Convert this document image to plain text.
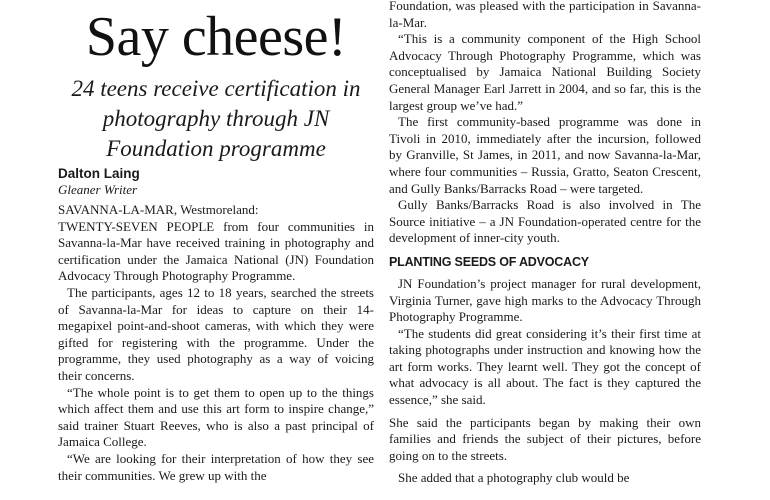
Say cheese!
24 teens receive certification in photography through JN Foundation programme
Dalton Laing
Gleaner Writer
SAVANNA-LA-MAR, Westmoreland:
TWENTY-SEVEN PEOPLE from four communities in Savanna-la-Mar have received training in photography and certification under the Jamaica National (JN) Foundation Advocacy Through Photography Programme.
The participants, ages 12 to 18 years, searched the streets of Savanna-la-Mar for ideas to capture on their 14-megapixel point-and-shoot cameras, with which they were gifted for registering with the programme. Under the programme, they used photography as a way of voicing their concerns.
“The whole point is to get them to open up to the things which affect them and use this art form to inspire change,” said trainer Stuart Reeves, who is also a past principal of Jamaica College.
“We are looking for their interpretation of how they see their communities. We grew up with the
Foundation, was pleased with the participation in Savanna-la-Mar.
“This is a community component of the High School Advocacy Through Photography Programme, which was conceptualised by Jamaica National Building Society General Manager Earl Jarrett in 2004, and so far, this is the largest group we’ve had.”
The first community-based programme was done in Tivoli in 2010, immediately after the incursion, followed by Granville, St James, in 2011, and now Savanna-la-Mar, where four communities – Russia, Gratto, Seaton Crescent, and Gully Banks/Barracks Road – were targeted.
Gully Banks/Barracks Road is also involved in The Source initiative – a JN Foundation-operated centre for the development of inner-city youth.
PLANTING SEEDS OF ADVOCACY
JN Foundation’s project manager for rural development, Virginia Turner, gave high marks to the Advocacy Through Photography Programme.
“The students did great considering it’s their first time at taking photographs under instruction and knowing how the art form works. They learnt well. They got the concept of what advocacy is all about. The fact is they captured the essence,” she said.
She said the participants began by making their own families and friends the subject of their pictures, before going on to the streets.
She added that a photography club would be
